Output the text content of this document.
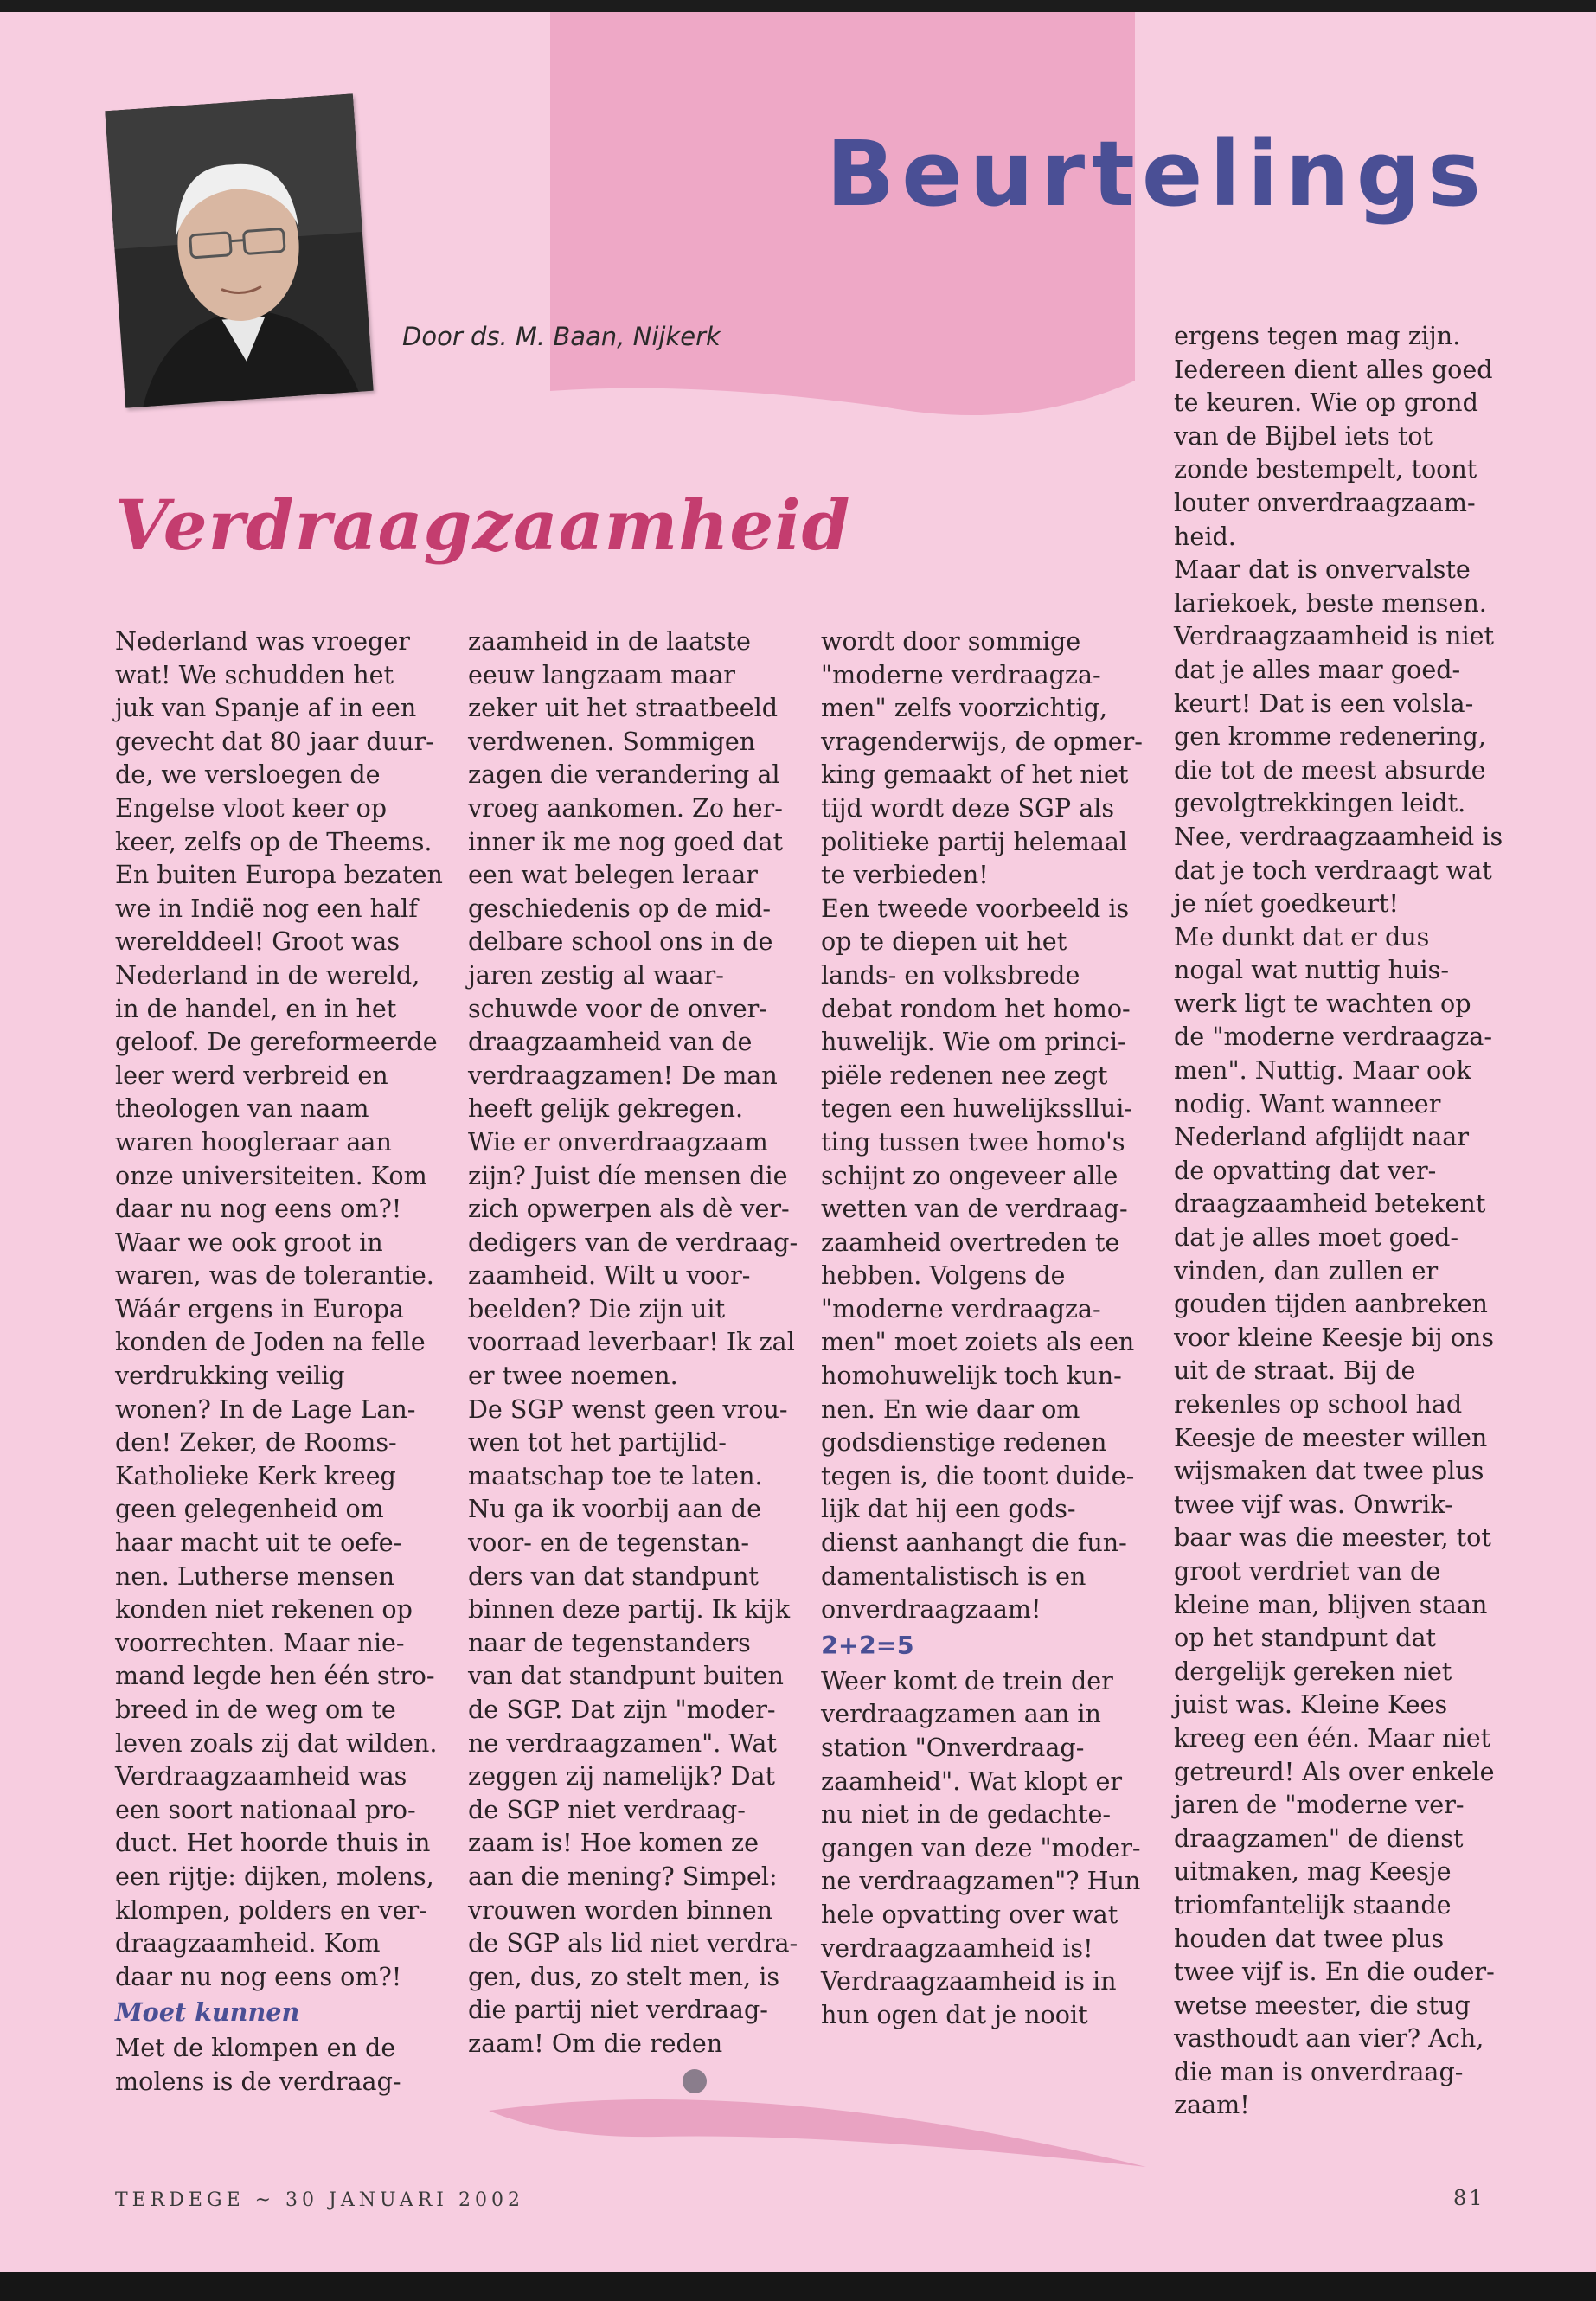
Beurtelings
Door ds. M. Baan, Nijkerk
Verdraagzaamheid

Nederland was vroeger

wat! We schudden het

juk van Spanje af in een

gevecht dat 80 jaar duur-

de, we versloegen de

Engelse vloot keer op

keer, zelfs op de Theems.

En buiten Europa bezaten

we in Indië nog een half

werelddeel! Groot was

Nederland in de wereld,

in de handel, en in het

geloof. De gereformeerde

leer werd verbreid en

theologen van naam

waren hoogleraar aan

onze universiteiten. Kom

daar nu nog eens om?!

Waar we ook groot in

waren, was de tolerantie.

Wáár ergens in Europa

konden de Joden na felle

verdrukking veilig

wonen? In de Lage Lan-

den! Zeker, de Rooms-

Katholieke Kerk kreeg

geen gelegenheid om

haar macht uit te oefe-

nen. Lutherse mensen

konden niet rekenen op

voorrechten. Maar nie-

mand legde hen één stro-

breed in de weg om te

leven zoals zij dat wilden.

Verdraagzaamheid was

een soort nationaal pro-

duct. Het hoorde thuis in

een rijtje: dijken, molens,

klompen, polders en ver-

draagzaamheid. Kom

daar nu nog eens om?!

Moet kunnen

Met de klompen en de

molens is de verdraag-

zaamheid in de laatste

eeuw langzaam maar

zeker uit het straatbeeld

verdwenen. Sommigen

zagen die verandering al

vroeg aankomen. Zo her-

inner ik me nog goed dat

een wat belegen leraar

geschiedenis op de mid-

delbare school ons in de

jaren zestig al waar-

schuwde voor de onver-

draagzaamheid van de

verdraagzamen! De man

heeft gelijk gekregen.

Wie er onverdraagzaam

zijn? Juist díe mensen die

zich opwerpen als dè ver-

dedigers van de verdraag-

zaamheid. Wilt u voor-

beelden? Die zijn uit

voorraad leverbaar! Ik zal

er twee noemen.

De SGP wenst geen vrou-

wen tot het partijlid-

maatschap toe te laten.

Nu ga ik voorbij aan de

voor- en de tegenstan-

ders van dat standpunt

binnen deze partij. Ik kijk

naar de tegenstanders

van dat standpunt buiten

de SGP. Dat zijn "moder-

ne verdraagzamen". Wat

zeggen zij namelijk? Dat

de SGP niet verdraag-

zaam is! Hoe komen ze

aan die mening? Simpel:

vrouwen worden binnen

de SGP als lid niet verdra-

gen, dus, zo stelt men, is

die partij niet verdraag-

zaam! Om die reden

wordt door sommige

"moderne verdraagza-

men" zelfs voorzichtig,

vragenderwijs, de opmer-

king gemaakt of het niet

tijd wordt deze SGP als

politieke partij helemaal

te verbieden!

Een tweede voorbeeld is

op te diepen uit het

lands- en volksbrede

debat rondom het homo-

huwelijk. Wie om princi-

piële redenen nee zegt

tegen een huwelijkssllui-

ting tussen twee homo's

schijnt zo ongeveer alle

wetten van de verdraag-

zaamheid overtreden te

hebben. Volgens de

"moderne verdraagza-

men" moet zoiets als een

homohuwelijk toch kun-

nen. En wie daar om

godsdienstige redenen

tegen is, die toont duide-

lijk dat hij een gods-

dienst aanhangt die fun-

damentalistisch is en

onverdraagzaam!

2+2=5

Weer komt de trein der

verdraagzamen aan in

station "Onverdraag-

zaamheid". Wat klopt er

nu niet in de gedachte-

gangen van deze "moder-

ne verdraagzamen"? Hun

hele opvatting over wat

verdraagzaamheid is!

Verdraagzaamheid is in

hun ogen dat je nooit

ergens tegen mag zijn.

Iedereen dient alles goed

te keuren. Wie op grond

van de Bijbel iets tot

zonde bestempelt, toont

louter onverdraagzaam-

heid.

Maar dat is onvervalste

lariekoek, beste mensen.

Verdraagzaamheid is niet

dat je alles maar goed-

keurt! Dat is een volsla-

gen kromme redenering,

die tot de meest absurde

gevolgtrekkingen leidt.

Nee, verdraagzaamheid is

dat je toch verdraagt wat

je níet goedkeurt!

Me dunkt dat er dus

nogal wat nuttig huis-

werk ligt te wachten op

de "moderne verdraagza-

men". Nuttig. Maar ook

nodig. Want wanneer

Nederland afglijdt naar

de opvatting dat ver-

draagzaamheid betekent

dat je alles moet goed-

vinden, dan zullen er

gouden tijden aanbreken

voor kleine Keesje bij ons

uit de straat. Bij de

rekenles op school had

Keesje de meester willen

wijsmaken dat twee plus

twee vijf was. Onwrik-

baar was die meester, tot

groot verdriet van de

kleine man, blijven staan

op het standpunt dat

dergelijk gereken niet

juist was. Kleine Kees

kreeg een één. Maar niet

getreurd! Als over enkele

jaren de "moderne ver-

draagzamen" de dienst

uitmaken, mag Keesje

triomfantelijk staande

houden dat twee plus

twee vijf is. En die ouder-

wetse meester, die stug

vasthoudt aan vier? Ach,

die man is onverdraag-

zaam!

TERDEGE ~ 30 JANUARI 2002	81
